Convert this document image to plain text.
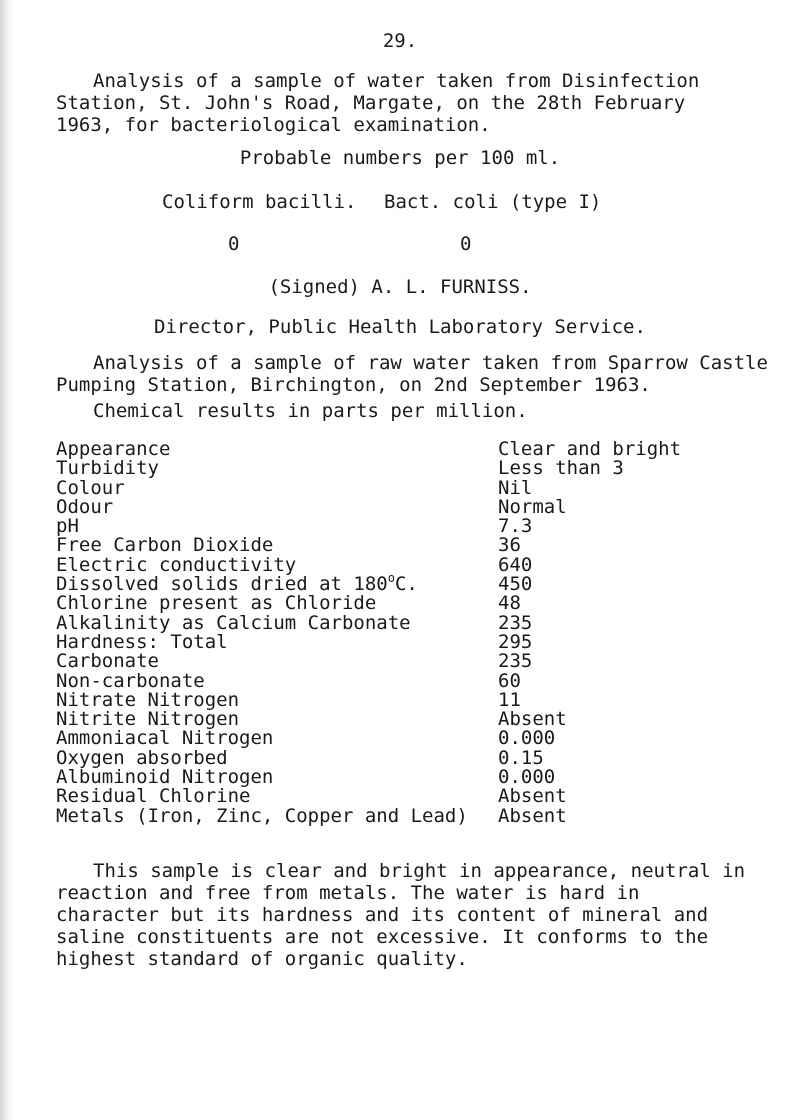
29.
Analysis of a sample of water taken from Disinfection Station, St. John's Road, Margate, on the 28th February 1963, for bacteriological examination.
Probable numbers per 100 ml.
Coliform bacilli. Bact. coli (type I)
0	0
(Signed) A. L. FURNISS.
Director, Public Health Laboratory Service.
Analysis of a sample of raw water taken from Sparrow Castle Pumping Station, Birchington, on 2nd September 1963.
Chemical results in parts per million.
Appearance	Clear and bright
Turbidity	Less than 3
Colour	Nil
Odour	Normal
pH	7.3
Free Carbon Dioxide	36
Electric conductivity	640
Dissolved solids dried at 180$^o$C.	450
Chlorine present as Chloride	48
Alkalinity as Calcium Carbonate	235
Hardness: Total	295
Carbonate	235
Non-carbonate	60
Nitrate Nitrogen	11
Nitrite Nitrogen	Absent
Ammoniacal Nitrogen	0.000
Oxygen absorbed	0.15
Albuminoid Nitrogen	0.000
Residual Chlorine	Absent
Metals (Iron, Zinc, Copper and Lead)	Absent
This sample is clear and bright in appearance, neutral in reaction and free from metals. The water is hard in character but its hardness and its content of mineral and saline constituents are not excessive. It conforms to the highest standard of organic quality.
